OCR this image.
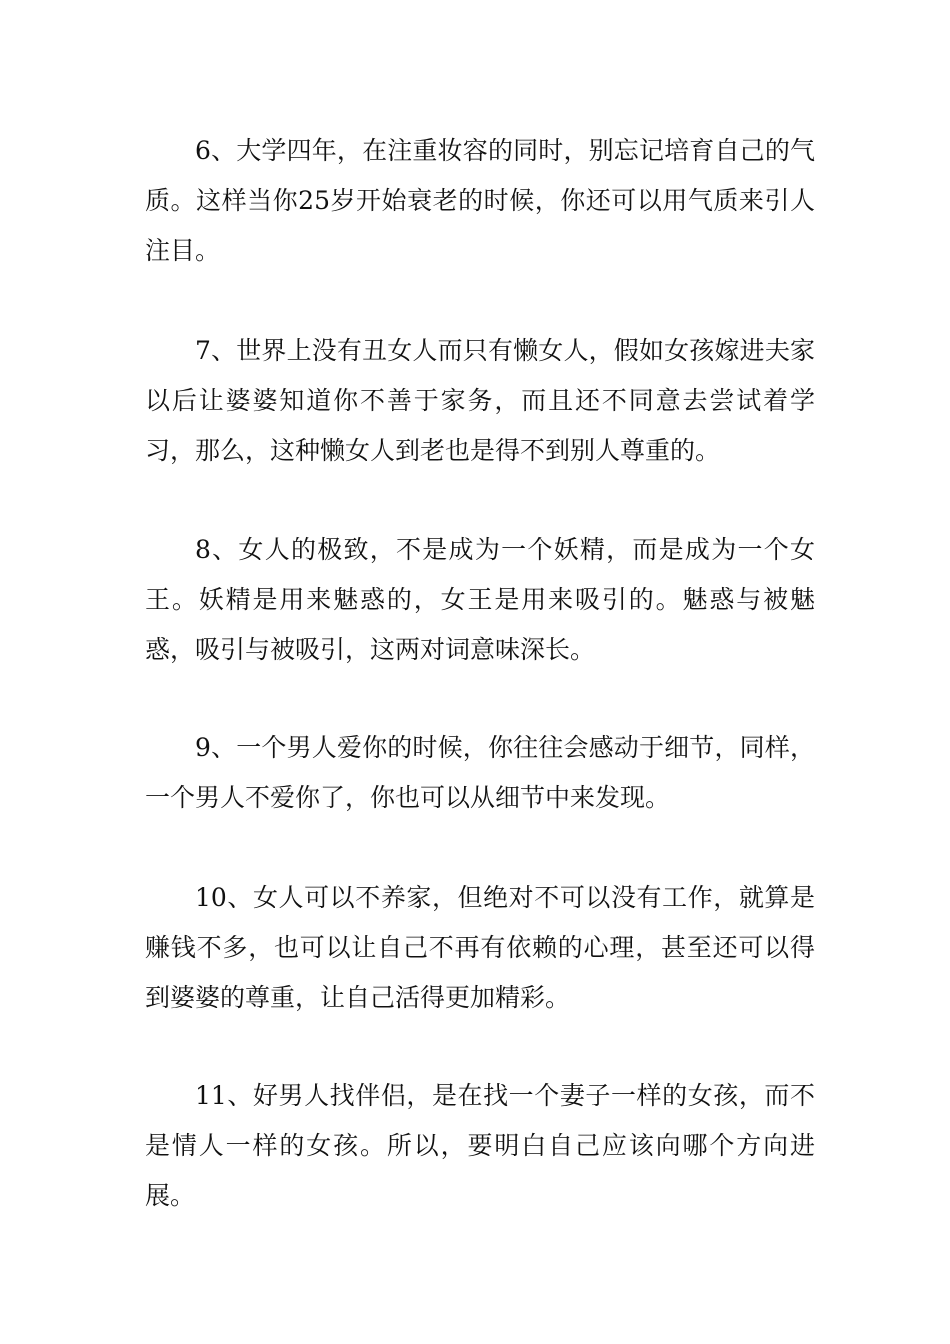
6、大学四年，在注重妆容的同时，别忘记培育自己的气质。这样当你25岁开始衰老的时候，你还可以用气质来引人注目。

7、世界上没有丑女人而只有懒女人，假如女孩嫁进夫家以后让婆婆知道你不善于家务，而且还不同意去尝试着学习，那么，这种懒女人到老也是得不到别人尊重的。

8、女人的极致，不是成为一个妖精，而是成为一个女王。妖精是用来魅惑的，女王是用来吸引的。魅惑与被魅惑，吸引与被吸引，这两对词意味深长。

9、一个男人爱你的时候，你往往会感动于细节，同样，一个男人不爱你了，你也可以从细节中来发现。

10、女人可以不养家，但绝对不可以没有工作，就算是赚钱不多，也可以让自己不再有依赖的心理，甚至还可以得到婆婆的尊重，让自己活得更加精彩。

11、好男人找伴侣，是在找一个妻子一样的女孩，而不是情人一样的女孩。所以，要明白自己应该向哪个方向进展。
